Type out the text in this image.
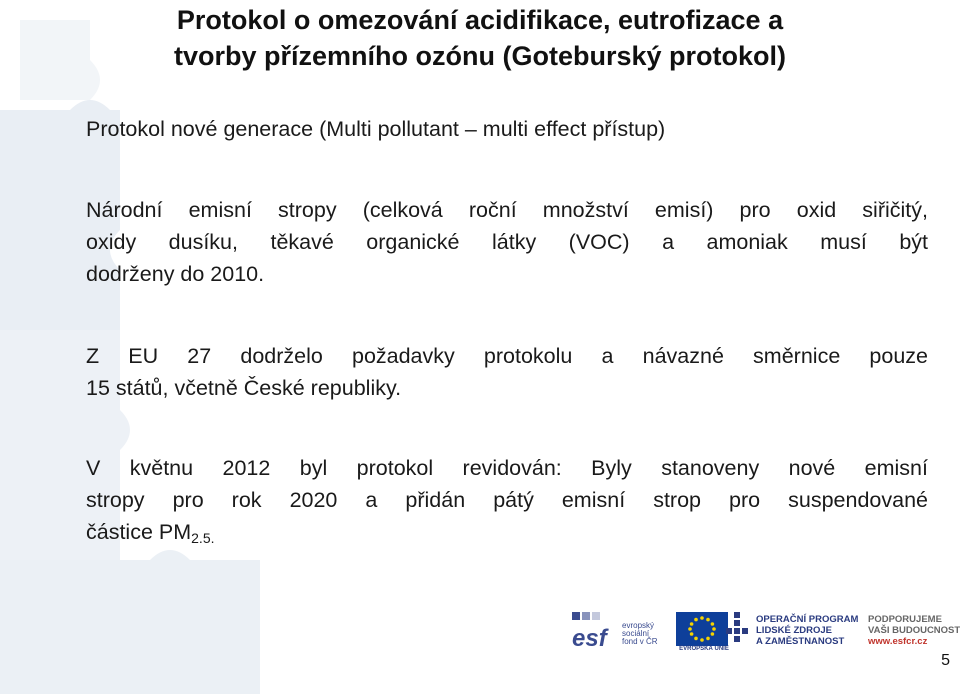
Protokol o omezování acidifikace, eutrofizace a
tvorby přízemního ozónu (Goteburský protokol)
Protokol nové generace (Multi pollutant – multi effect přístup)
Národní emisní stropy (celková roční množství emisí) pro oxid siřičitý,
oxidy dusíku, těkavé organické látky (VOC) a amoniak musí být
dodrženy do 2010.
Z EU 27 dodrželo požadavky protokolu a návazné směrnice pouze
15 států, včetně České republiky.
V květnu 2012 byl protokol revidován: Byly stanoveny nové emisní
stropy pro rok 2020 a přidán pátý emisní strop pro suspendované
částice $PM_{2.5.}$
esf evropský sociální fond v ČR
EVROPSKÁ UNIE
OPERAČNÍ PROGRAM
LIDSKÉ ZDROJE
A ZAMĚSTNANOST
PODPORUJEME
VAŠI BUDOUCNOST
www.esfcr.cz
5
